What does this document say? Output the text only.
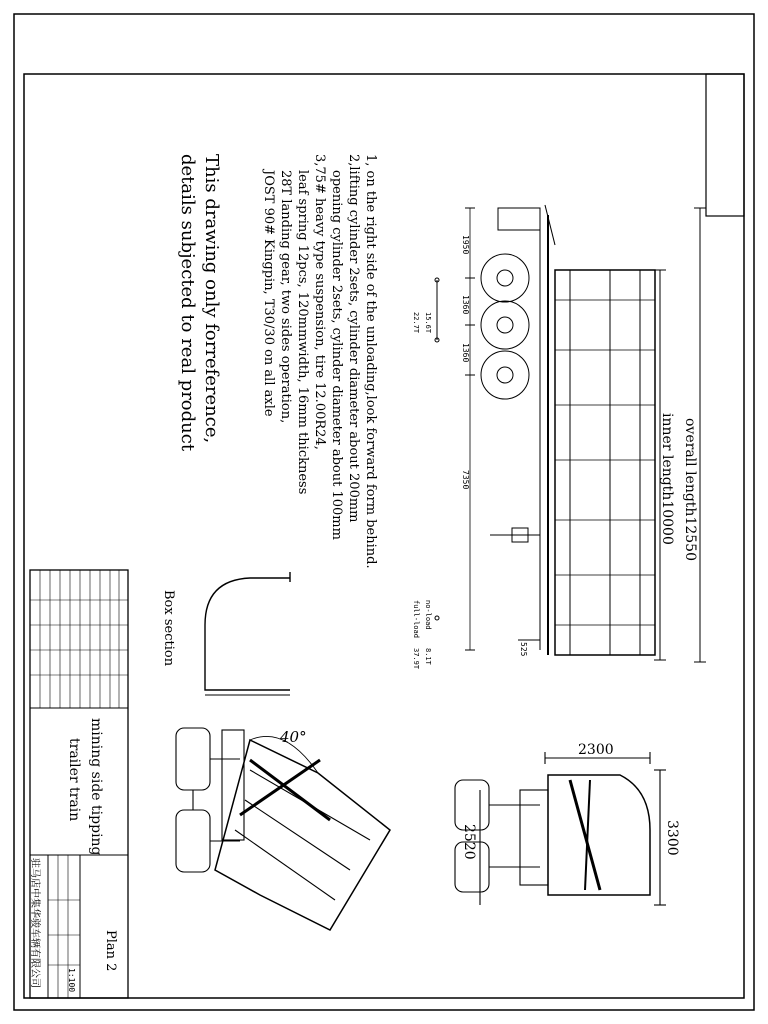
1, on the right side of the unloading,look forward form behind.
2,lifting cylinder 2sets, cylinder diameter about 200mm
opening cylinder 2sets, cylinder diameter about 100mm
3,75# heavy type suspension, tire 12.00R24,
leaf spring 12pcs, 120mmwidth, 16mm thickness
28T landing gear, two sides operation,
JOST 90# Kingpin, T30/30 on all axle
This drawing only forreference,
details subjected to real product
overall length12550
inner length10000
1950
1360
1360
7350
525
15.6T
22.7T
no-load
full-load
8.1T
37.9T
Box section
40°
2300
2520	3300
mining side tipping
trailer train
Plan 2
1:100
驻马店中集华骏车辆有限公司
